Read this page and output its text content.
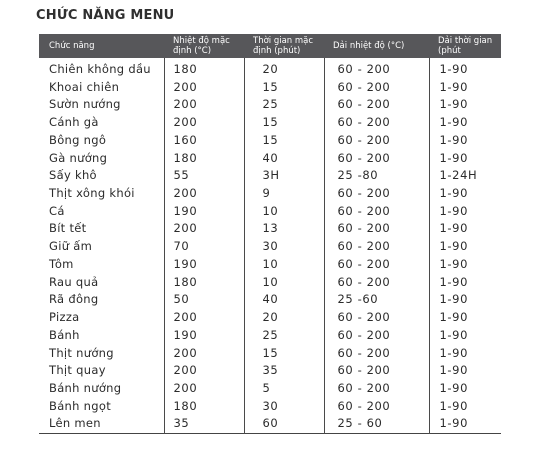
CHỨC NĂNG MENU
Chức năng	Nhiệt độ mặc định (°C)	Thời gian mặc định (phút)	Dải nhiệt độ (°C)	Dải thời gian (phút
Chiên không dầu	180	20	60 - 200	1-90
Khoai chiên	200	15	60 - 200	1-90
Sườn nướng	200	25	60 - 200	1-90
Cánh gà	200	15	60 - 200	1-90
Bông ngô	160	15	60 - 200	1-90
Gà nướng	180	40	60 - 200	1-90
Sấy khô	55	3H	25 -80	1-24H
Thịt xông khói	200	9	60 - 200	1-90
Cá	190	10	60 - 200	1-90
Bít tết	200	13	60 - 200	1-90
Giữ ấm	70	30	60 - 200	1-90
Tôm	190	10	60 - 200	1-90
Rau quả	180	10	60 - 200	1-90
Rã đông	50	40	25 -60	1-90
Pizza	200	20	60 - 200	1-90
Bánh	190	25	60 - 200	1-90
Thịt nướng	200	15	60 - 200	1-90
Thịt quay	200	35	60 - 200	1-90
Bánh nướng	200	5	60 - 200	1-90
Bánh ngọt	180	30	60 - 200	1-90
Lên men	35	60	25 - 60	1-90
